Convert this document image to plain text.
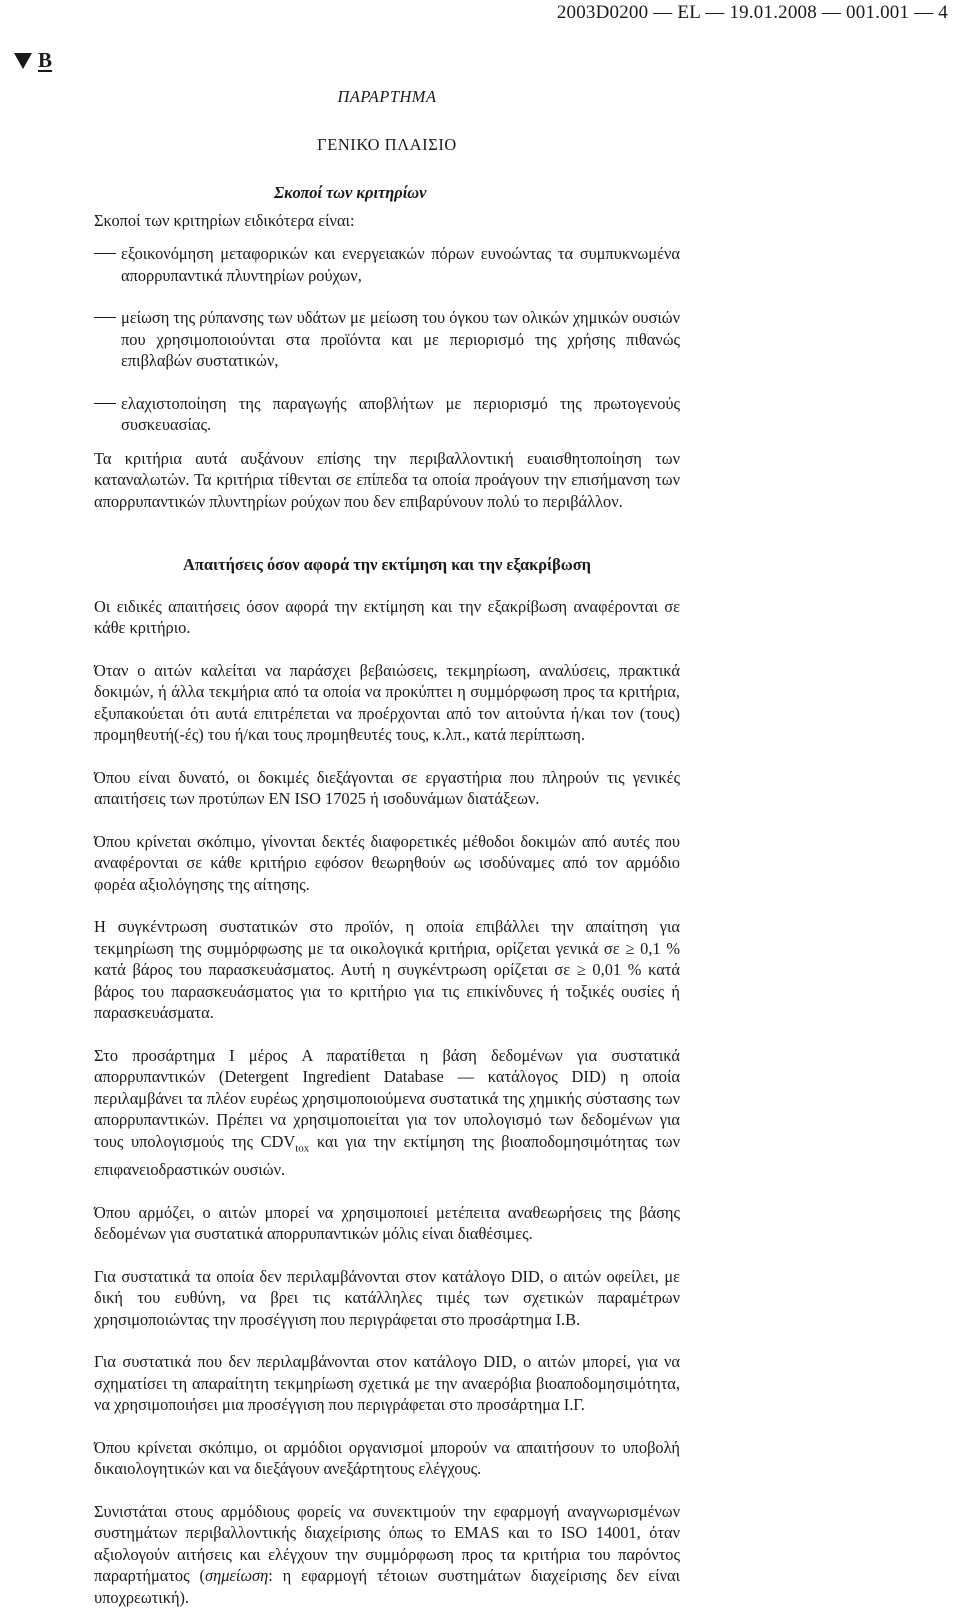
2003D0200 — EL — 19.01.2008 — 001.001 — 4
B
ΠΑΡΑΡΤΗΜΑ
ΓΕΝΙΚΟ ΠΛΑΙΣΙΟ
Σκοποί των κριτηρίων
Σκοποί των κριτηρίων ειδικότερα είναι:
εξοικονόμηση μεταφορικών και ενεργειακών πόρων ευνοώντας τα συμπυκνωμένα απορρυπαντικά πλυντηρίων ρούχων,
μείωση της ρύπανσης των υδάτων με μείωση του όγκου των ολικών χημικών ουσιών που χρησιμοποιούνται στα προϊόντα και με περιορισμό της χρήσης πιθανώς επιβλαβών συστατικών,
ελαχιστοποίηση της παραγωγής αποβλήτων με περιορισμό της πρωτογενούς συσκευασίας.
Τα κριτήρια αυτά αυξάνουν επίσης την περιβαλλοντική ευαισθητοποίηση των καταναλωτών. Τα κριτήρια τίθενται σε επίπεδα τα οποία προάγουν την επισήμανση των απορρυπαντικών πλυντηρίων ρούχων που δεν επιβαρύνουν πολύ το περιβάλλον.
Απαιτήσεις όσον αφορά την εκτίμηση και την εξακρίβωση
Οι ειδικές απαιτήσεις όσον αφορά την εκτίμηση και την εξακρίβωση αναφέρονται σε κάθε κριτήριο.
Όταν ο αιτών καλείται να παράσχει βεβαιώσεις, τεκμηρίωση, αναλύσεις, πρακτικά δοκιμών, ή άλλα τεκμήρια από τα οποία να προκύπτει η συμμόρφωση προς τα κριτήρια, εξυπακούεται ότι αυτά επιτρέπεται να προέρχονται από τον αιτούντα ή/και τον (τους) προμηθευτή(-ές) του ή/και τους προμηθευτές τους, κ.λπ., κατά περίπτωση.
Όπου είναι δυνατό, οι δοκιμές διεξάγονται σε εργαστήρια που πληρούν τις γενικές απαιτήσεις των προτύπων EN ISO 17025 ή ισοδυνάμων διατάξεων.
Όπου κρίνεται σκόπιμο, γίνονται δεκτές διαφορετικές μέθοδοι δοκιμών από αυτές που αναφέρονται σε κάθε κριτήριο εφόσον θεωρηθούν ως ισοδύναμες από τον αρμόδιο φορέα αξιολόγησης της αίτησης.
Η συγκέντρωση συστατικών στο προϊόν, η οποία επιβάλλει την απαίτηση για τεκμηρίωση της συμμόρφωσης με τα οικολογικά κριτήρια, ορίζεται γενικά σε ≥ 0,1 % κατά βάρος του παρασκευάσματος. Αυτή η συγκέντρωση ορίζεται σε ≥ 0,01 % κατά βάρος του παρασκευάσματος για το κριτήριο για τις επικίνδυνες ή τοξικές ουσίες ή παρασκευάσματα.
Στο προσάρτημα I μέρος A παρατίθεται η βάση δεδομένων για συστατικά απορρυπαντικών (Detergent Ingredient Database — κατάλογος DID) η οποία περιλαμβάνει τα πλέον ευρέως χρησιμοποιούμενα συστατικά της χημικής σύστασης των απορρυπαντικών. Πρέπει να χρησιμοποιείται για τον υπολογισμό των δεδομένων για τους υπολογισμούς της $CDV_{tox}$ και για την εκτίμηση της βιοαποδομησιμότητας των επιφανειοδραστικών ουσιών.
Όπου αρμόζει, ο αιτών μπορεί να χρησιμοποιεί μετέπειτα αναθεωρήσεις της βάσης δεδομένων για συστατικά απορρυπαντικών μόλις είναι διαθέσιμες.
Για συστατικά τα οποία δεν περιλαμβάνονται στον κατάλογο DID, ο αιτών οφείλει, με δική του ευθύνη, να βρει τις κατάλληλες τιμές των σχετικών παραμέτρων χρησιμοποιώντας την προσέγγιση που περιγράφεται στο προσάρτημα I.B.
Για συστατικά που δεν περιλαμβάνονται στον κατάλογο DID, ο αιτών μπορεί, για να σχηματίσει τη απαραίτητη τεκμηρίωση σχετικά με την αναερόβια βιοαποδομησιμότητα, να χρησιμοποιήσει μια προσέγγιση που περιγράφεται στο προσάρτημα I.Γ.
Όπου κρίνεται σκόπιμο, οι αρμόδιοι οργανισμοί μπορούν να απαιτήσουν το υποβολή δικαιολογητικών και να διεξάγουν ανεξάρτητους ελέγχους.
Συνιστάται στους αρμόδιους φορείς να συνεκτιμούν την εφαρμογή αναγνωρισμένων συστημάτων περιβαλλοντικής διαχείρισης όπως το EMAS και το ISO 14001, όταν αξιολογούν αιτήσεις και ελέγχουν την συμμόρφωση προς τα κριτήρια του παρόντος παραρτήματος (σημείωση: η εφαρμογή τέτοιων συστημάτων διαχείρισης δεν είναι υποχρεωτική).
